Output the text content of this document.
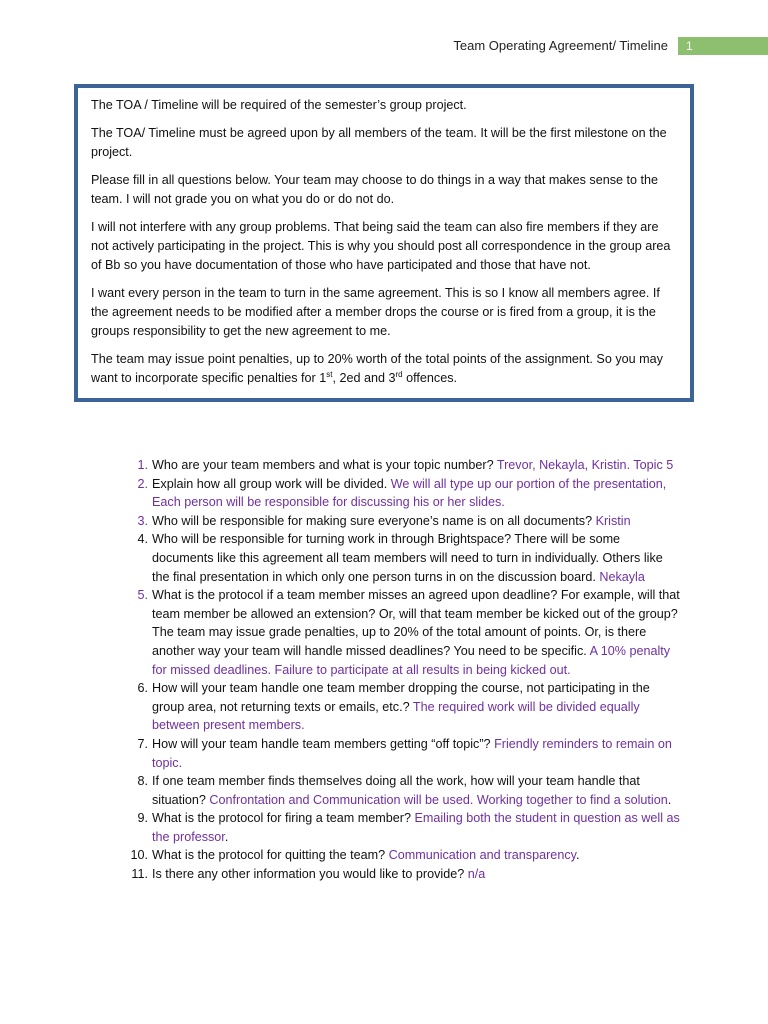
Team Operating Agreement/ Timeline	1

The TOA / Timeline will be required of the semester’s group project.

The TOA/ Timeline must be agreed upon by all members of the team. It will be the first milestone on the project.

Please fill in all questions below. Your team may choose to do things in a way that makes sense to the team. I will not grade you on what you do or do not do.

I will not interfere with any group problems. That being said the team can also fire members if they are not actively participating in the project. This is why you should post all correspondence in the group area of Bb so you have documentation of those who have participated and those that have not.

I want every person in the team to turn in the same agreement. This is so I know all members agree. If the agreement needs to be modified after a member drops the course or is fired from a group, it is the groups responsibility to get the new agreement to me.

The team may issue point penalties, up to 20% worth of the total points of the assignment. So you may want to incorporate specific penalties for 1st, 2ed and 3rd offences.

1. Who are your team members and what is your topic number? Trevor, Nekayla, Kristin. Topic 5
2. Explain how all group work will be divided. We will all type up our portion of the presentation, Each person will be responsible for discussing his or her slides.
3. Who will be responsible for making sure everyone’s name is on all documents? Kristin
4. Who will be responsible for turning work in through Brightspace? There will be some documents like this agreement all team members will need to turn in individually. Others like the final presentation in which only one person turns in on the discussion board. Nekayla
5. What is the protocol if a team member misses an agreed upon deadline? For example, will that team member be allowed an extension? Or, will that team member be kicked out of the group? The team may issue grade penalties, up to 20% of the total amount of points. Or, is there another way your team will handle missed deadlines? You need to be specific. A 10% penalty for missed deadlines. Failure to participate at all results in being kicked out.
6. How will your team handle one team member dropping the course, not participating in the group area, not returning texts or emails, etc.? The required work will be divided equally between present members.
7. How will your team handle team members getting “off topic”? Friendly reminders to remain on topic.
8. If one team member finds themselves doing all the work, how will your team handle that situation? Confrontation and Communication will be used. Working together to find a solution.
9. What is the protocol for firing a team member? Emailing both the student in question as well as the professor.
10. What is the protocol for quitting the team? Communication and transparency.
11. Is there any other information you would like to provide? n/a
